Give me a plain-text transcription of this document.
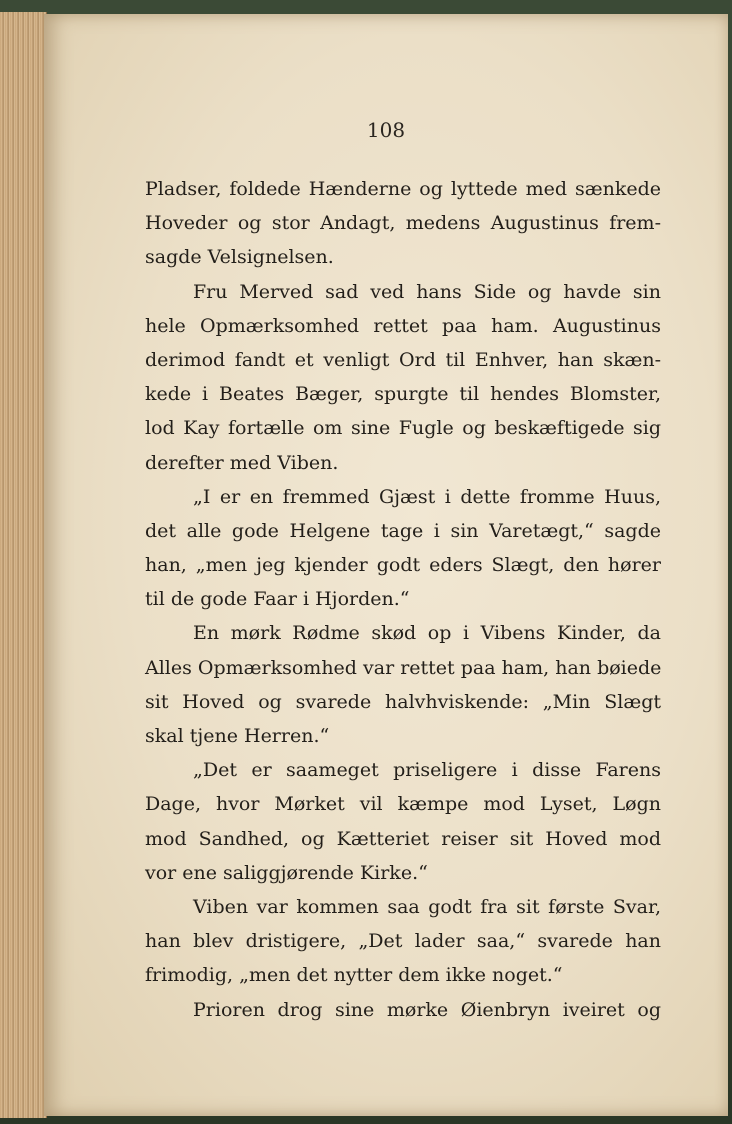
108
Pladser, foldede Hænderne og lyttede med sænkede
Hoveder og stor Andagt, medens Augustinus frem-
sagde Velsignelsen.
Fru Merved sad ved hans Side og havde sin
hele Opmærksomhed rettet paa ham. Augustinus
derimod fandt et venligt Ord til Enhver, han skæn-
kede i Beates Bæger, spurgte til hendes Blomster,
lod Kay fortælle om sine Fugle og beskæftigede sig
derefter med Viben.
„I er en fremmed Gjæst i dette fromme Huus,
det alle gode Helgene tage i sin Varetægt,“ sagde
han, „men jeg kjender godt eders Slægt, den hører
til de gode Faar i Hjorden.“
En mørk Rødme skød op i Vibens Kinder, da
Alles Opmærksomhed var rettet paa ham, han bøiede
sit Hoved og svarede halvhviskende: „Min Slægt
skal tjene Herren.“
„Det er saameget priseligere i disse Farens
Dage, hvor Mørket vil kæmpe mod Lyset, Løgn
mod Sandhed, og Kætteriet reiser sit Hoved mod
vor ene saliggjørende Kirke.“
Viben var kommen saa godt fra sit første Svar,
han blev dristigere, „Det lader saa,“ svarede han
frimodig, „men det nytter dem ikke noget.“
Prioren drog sine mørke Øienbryn iveiret og
